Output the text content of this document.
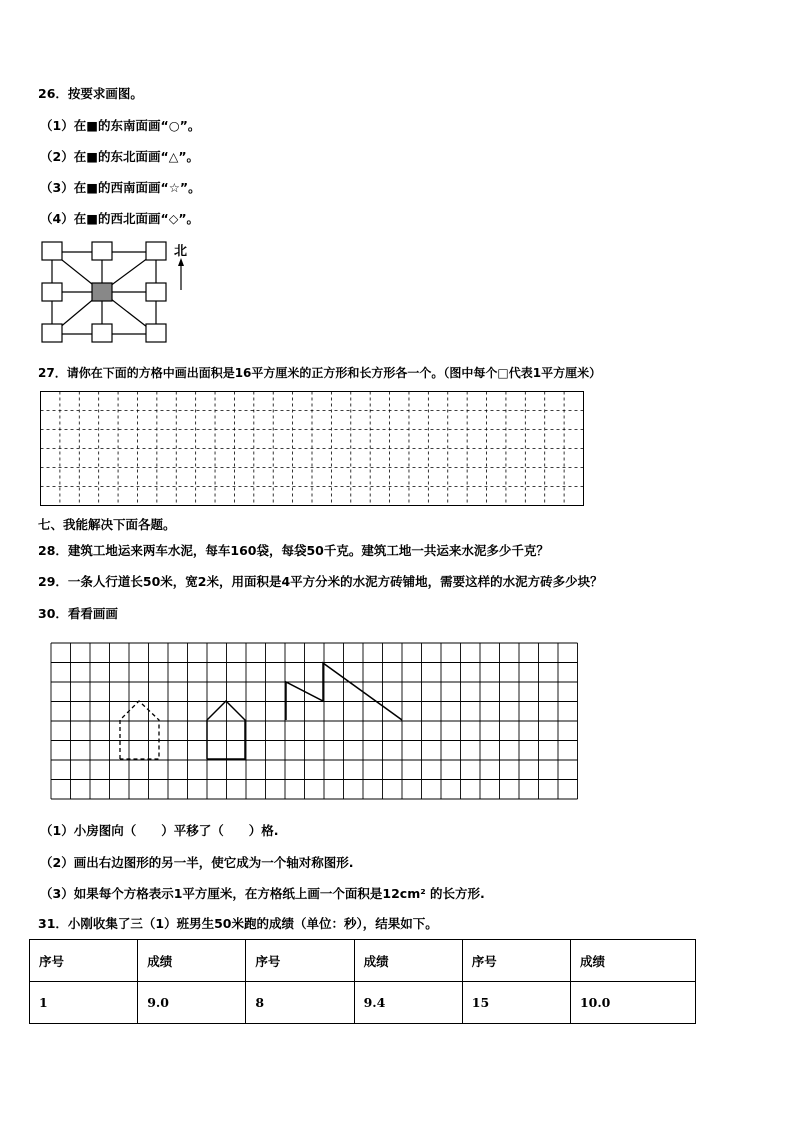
26．按要求画图。
（1）在■的东南面画“○”。
（2）在■的东北面画“△”。
（3）在■的西南面画“☆”。
（4）在■的西北面画“◇”。
北
27．请你在下面的方格中画出面积是16平方厘米的正方形和长方形各一个。（图中每个□代表1平方厘米）
七、我能解决下面各题。
28．建筑工地运来两车水泥，每车160袋，每袋50千克。建筑工地一共运来水泥多少千克？
29．一条人行道长50米，宽2米，用面积是4平方分米的水泥方砖铺地，需要这样的水泥方砖多少块？
30．看看画画
（1）小房图向（　　）平移了（　　）格.
（2）画出右边图形的另一半，使它成为一个轴对称图形.
（3）如果每个方格表示1平方厘米，在方格纸上画一个面积是12cm² 的长方形.
31．小刚收集了三（1）班男生50米跑的成绩（单位：秒），结果如下。
序号	成绩	序号	成绩	序号	成绩
1	9.0	8	9.4	15	10.0
